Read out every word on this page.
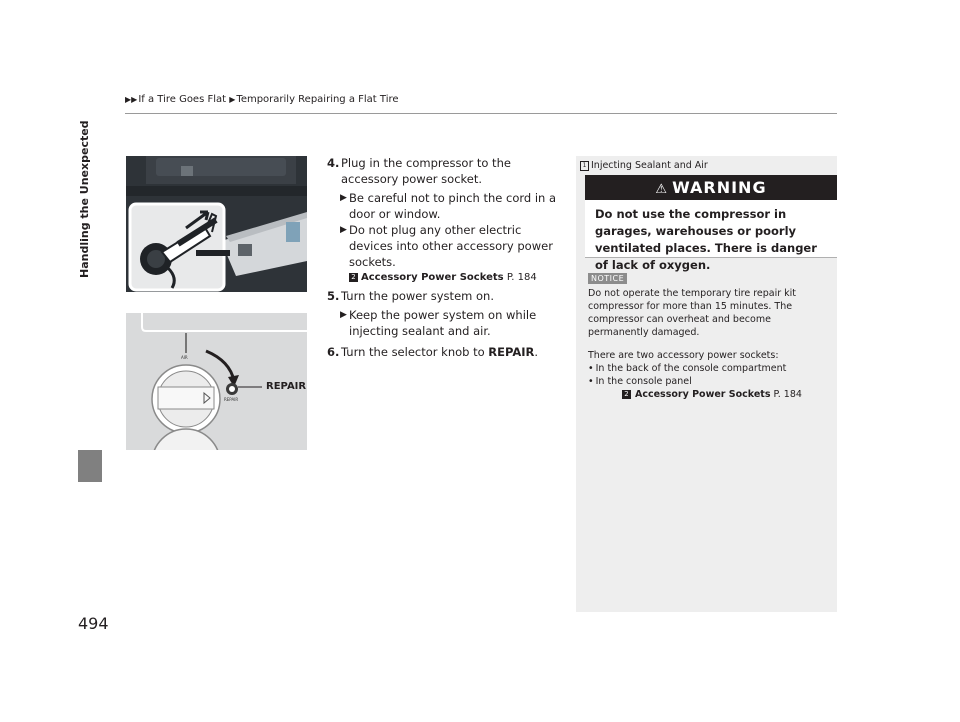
▶▶If a Tire Goes Flat ▶Temporarily Repairing a Flat Tire
Handling the Unexpected
494
AIR
REPAIR
REPAIR
4. Plug in the compressor to the accessory power socket.
▶ Be careful not to pinch the cord in a door or window.
▶ Do not plug any other electric devices into other accessory power sockets.
2 Accessory Power Sockets P. 184
5. Turn the power system on.
▶ Keep the power system on while injecting sealant and air.
6. Turn the selector knob to REPAIR.
1 Injecting Sealant and Air
⚠ WARNING
Do not use the compressor in garages, warehouses or poorly ventilated places. There is danger of lack of oxygen.
NOTICE

Do not operate the temporary tire repair kit compressor for more than 15 minutes. The compressor can overheat and become permanently damaged.

There are two accessory power sockets:

• In the back of the console compartment

• In the console panel

2 Accessory Power Sockets P. 184
